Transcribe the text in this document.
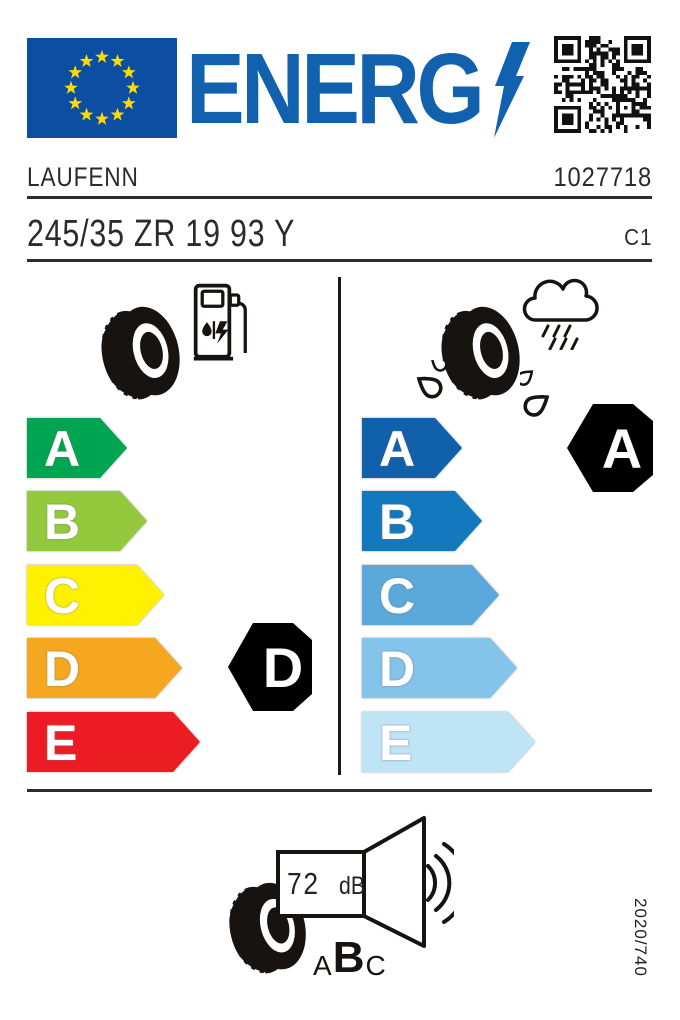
ENERG
LAUFENN	1027718
245/35 ZR 19 93 Y	C1
A
B
C
D
E
A
B
C
D
E
D
A
72 dB
A B C	2020/740
